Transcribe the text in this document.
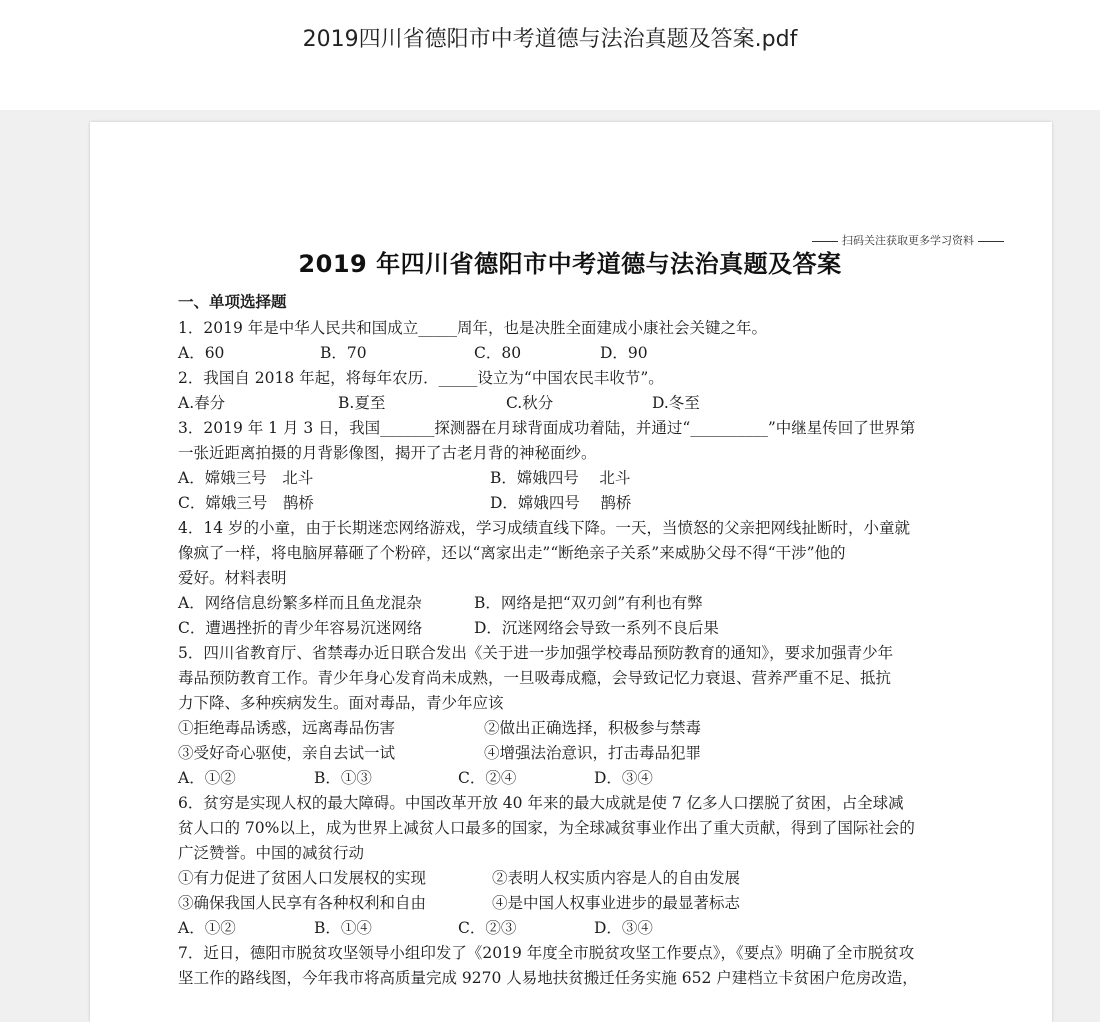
2019四川省德阳市中考道德与法治真题及答案.pdf
扫码关注获取更多学习资料
2019 年四川省德阳市中考道德与法治真题及答案
一、单项选择题
1．2019 年是中华人民共和国成立_____周年，也是决胜全面建成小康社会关键之年。
A．60	B．70	C．80	D．90
2．我国自 2018 年起，将每年农历．_____设立为“中国农民丰收节”。
A.春分	B.夏至	C.秋分	D.冬至
3．2019 年 1 月 3 日，我国_______探测器在月球背面成功着陆，并通过“__________”中继星传回了世界第
一张近距离拍摄的月背影像图，揭开了古老月背的神秘面纱。
A．嫦娥三号　北斗	B．嫦娥四号　 北斗
C．嫦娥三号　鹊桥	D．嫦娥四号　 鹊桥
4．14 岁的小童，由于长期迷恋网络游戏，学习成绩直线下降。一天，当愤怒的父亲把网线扯断时，小童就
像疯了一样，将电脑屏幕砸了个粉碎，还以“离家出走”“断绝亲子关系”来威胁父母不得“干涉”他的
爱好。材料表明
A．网络信息纷繁多样而且鱼龙混杂	B．网络是把“双刃剑”有利也有弊
C．遭遇挫折的青少年容易沉迷网络	D．沉迷网络会导致一系列不良后果
5．四川省教育厅、省禁毒办近日联合发出《关于进一步加强学校毒品预防教育的通知》，要求加强青少年
毒品预防教育工作。青少年身心发育尚未成熟，一旦吸毒成瘾，会导致记忆力衰退、营养严重不足、抵抗
力下降、多种疾病发生。面对毒品，青少年应该
①拒绝毒品诱惑，远离毒品伤害	②做出正确选择，积极参与禁毒
③受好奇心驱使，亲自去试一试	④增强法治意识，打击毒品犯罪
A．①②	B．①③	C．②④	D．③④
6．贫穷是实现人权的最大障碍。中国改革开放 40 年来的最大成就是使 7 亿多人口摆脱了贫困，占全球减
贫人口的 70%以上，成为世界上减贫人口最多的国家，为全球减贫事业作出了重大贡献，得到了国际社会的
广泛赞誉。中国的减贫行动
①有力促进了贫困人口发展权的实现	②表明人权实质内容是人的自由发展
③确保我国人民享有各种权利和自由	④是中国人权事业进步的最显著标志
A．①②	B．①④	C．②③	D．③④
7．近日，德阳市脱贫攻坚领导小组印发了《2019 年度全市脱贫攻坚工作要点》，《要点》明确了全市脱贫攻
坚工作的路线图，今年我市将高质量完成 9270 人易地扶贫搬迁任务实施 652 户建档立卡贫困户危房改造，
